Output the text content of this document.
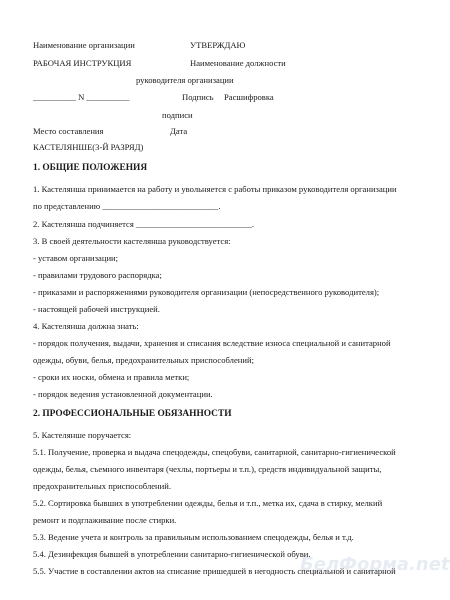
Наименование организации	УТВЕРЖДАЮ
РАБОЧАЯ ИНСТРУКЦИЯ	Наименование должности
руководителя организации
__________ N __________	Подпись Расшифровка
подписи
Место составления	Дата
КАСТЕЛЯНШЕ(3-Й РАЗРЯД)
1. ОБЩИЕ ПОЛОЖЕНИЯ
1. Кастелянша принимается на работу и увольняется с работы приказом руководителя организации
по представлению ___________________________.
2. Кастелянша подчиняется ___________________________.
3. В своей деятельности кастелянша руководствуется:
- уставом организации;
- правилами трудового распорядка;
- приказами и распоряжениями руководителя организации (непосредственного руководителя);
- настоящей рабочей инструкцией.
4. Кастелянша должна знать:
- порядок получения, выдачи, хранения и списания вследствие износа специальной и санитарной
одежды, обуви, белья, предохранительных приспособлений;
- сроки их носки, обмена и правила метки;
- порядок ведения установленной документации.
2. ПРОФЕССИОНАЛЬНЫЕ ОБЯЗАННОСТИ
5. Кастелянше поручается:
5.1. Получение, проверка и выдача спецодежды, спецобуви, санитарной, санитарно-гигиенической
одежды, белья, съемного инвентаря (чехлы, портьеры и т.п.), средств индивидуальной защиты,
предохранительных приспособлений.
5.2. Сортировка бывших в употреблении одежды, белья и т.п., метка их, сдача в стирку, мелкий
ремонт и подглаживание после стирки.
5.3. Ведение учета и контроль за правильным использованием спецодежды, белья и т.д.
5.4. Дезинфекция бывшей в употреблении санитарно-гигиенической обуви.
5.5. Участие в составлении актов на списание пришедшей в негодность специальной и санитарной
БелФорма.net
